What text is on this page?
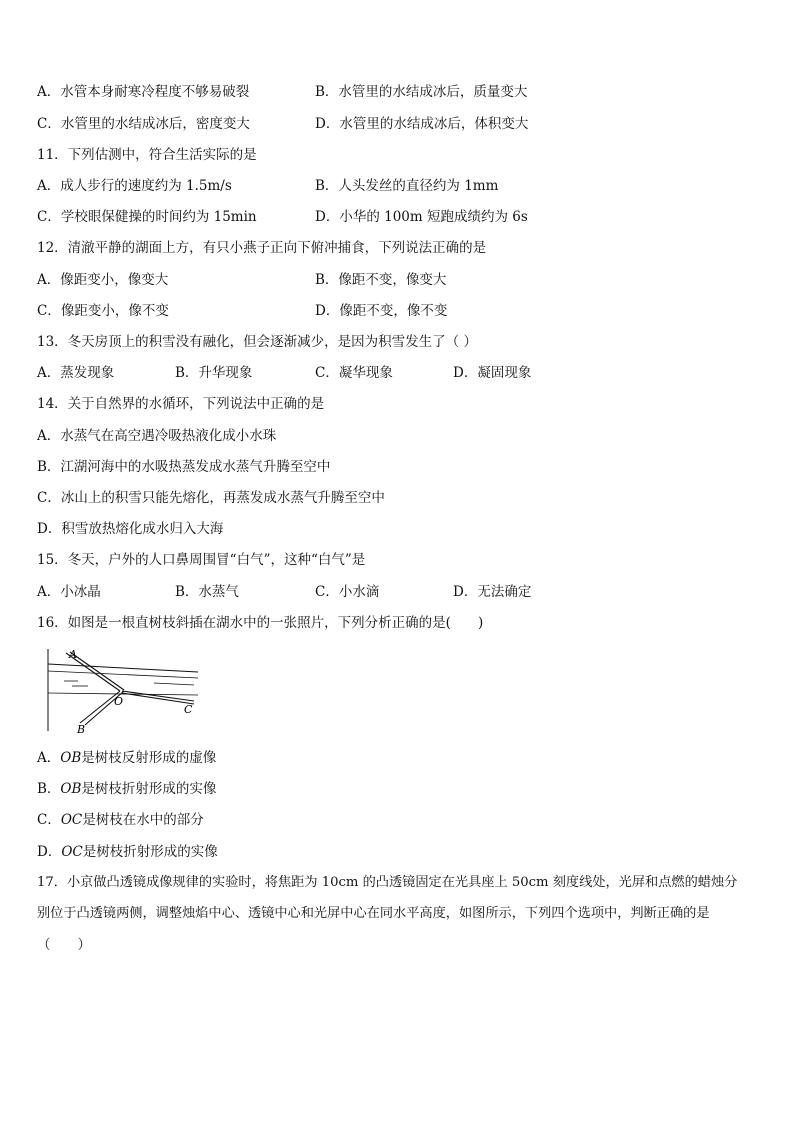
A．水管本身耐寒冷程度不够易破裂	B．水管里的水结成冰后，质量变大
C．水管里的水结成冰后，密度变大	D．水管里的水结成冰后，体积变大
11．下列估测中，符合生活实际的是
A．成人步行的速度约为 1.5m/s	B．人头发丝的直径约为 1mm
C．学校眼保健操的时间约为 15min	D．小华的 100m 短跑成绩约为 6s
12．清澈平静的湖面上方，有只小燕子正向下俯冲捕食，下列说法正确的是
A．像距变小，像变大	B．像距不变，像变大
C．像距变小，像不变	D．像距不变，像不变
13．冬天房顶上的积雪没有融化，但会逐渐减少，是因为积雪发生了（ ）
A．蒸发现象	B．升华现象	C．凝华现象	D．凝固现象
14．关于自然界的水循环，下列说法中正确的是
A．水蒸气在高空遇冷吸热液化成小水珠
B．江湖河海中的水吸热蒸发成水蒸气升腾至空中
C．冰山上的积雪只能先熔化，再蒸发成水蒸气升腾至空中
D．积雪放热熔化成水归入大海
15．冬天，户外的人口鼻周围冒“白气”，这种“白气”是
A．小冰晶	B．水蒸气	C．小水滴	D．无法确定
16．如图是一根直树枝斜插在湖水中的一张照片，下列分析正确的是(　　)
A
O
B
C
A．OB是树枝反射形成的虚像
B．OB是树枝折射形成的实像
C．OC是树枝在水中的部分
D．OC是树枝折射形成的实像
17．小京做凸透镜成像规律的实验时，将焦距为 10cm 的凸透镜固定在光具座上 50cm 刻度线处，光屏和点燃的蜡烛分
别位于凸透镜两侧，调整烛焰中心、透镜中心和光屏中心在同水平高度，如图所示，下列四个选项中，判断正确的是
（　　）
